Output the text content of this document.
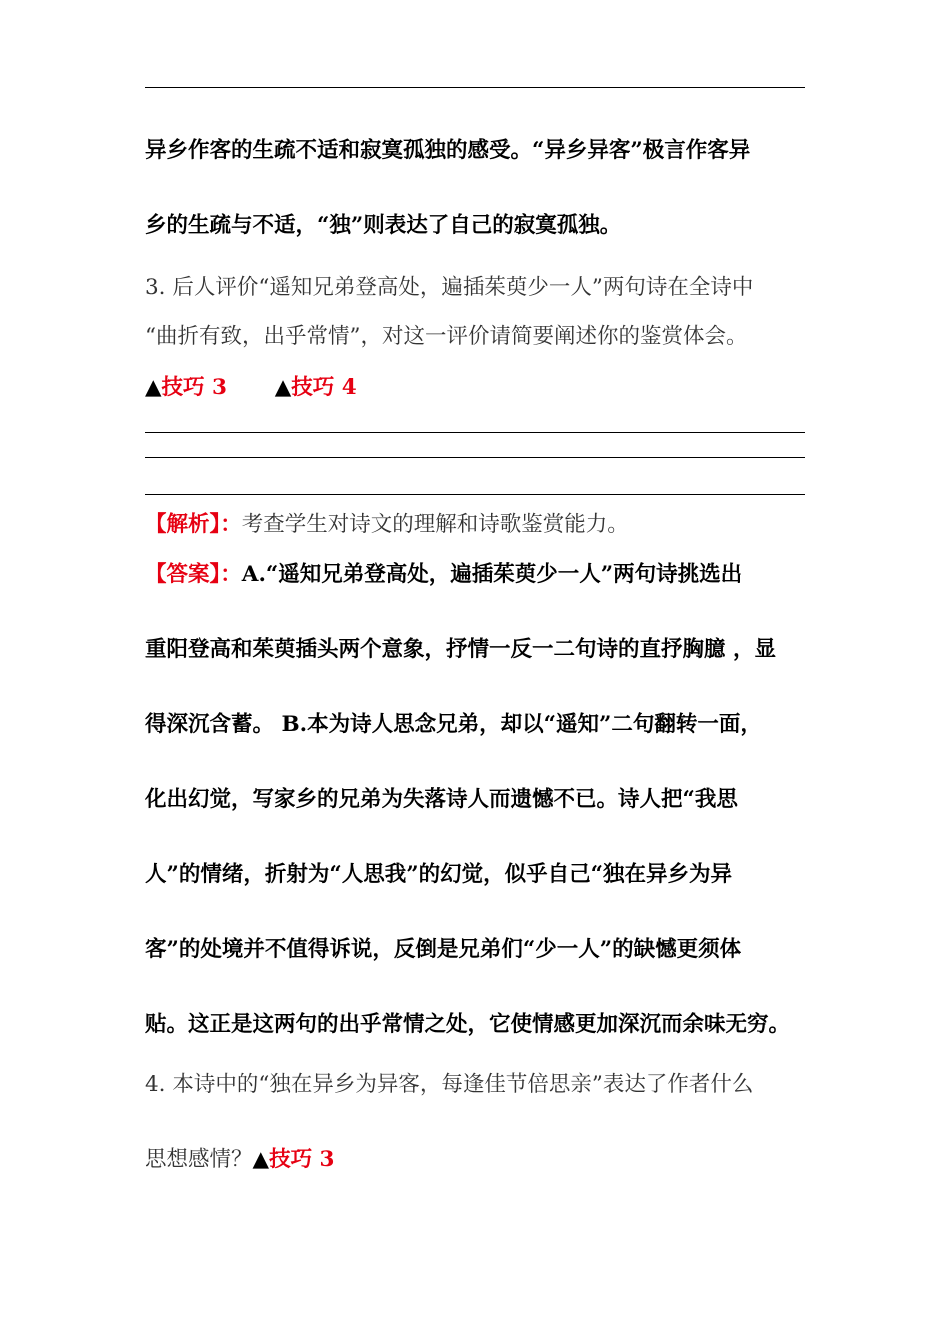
异乡作客的生疏不适和寂寞孤独的感受。“异乡异客”极言作客异
乡的生疏与不适，“独”则表达了自己的寂寞孤独。
3. 后人评价“遥知兄弟登高处，遍插茱萸少一人”两句诗在全诗中
“曲折有致，出乎常情”，对这一评价请简要阐述你的鉴赏体会。
▲技巧 3 ▲技巧 4
【解析】：考查学生对诗文的理解和诗歌鉴赏能力。
【答案】：A.“遥知兄弟登高处，遍插茱萸少一人”两句诗挑选出
重阳登高和茱萸插头两个意象，抒情一反一二句诗的直抒胸臆 ，显
得深沉含蓄。 B.本为诗人思念兄弟，却以“遥知”二句翻转一面，
化出幻觉，写家乡的兄弟为失落诗人而遗憾不已。诗人把“我思
人”的情绪，折射为“人思我”的幻觉，似乎自己“独在异乡为异
客”的处境并不值得诉说，反倒是兄弟们“少一人”的缺憾更须体
贴。这正是这两句的出乎常情之处，它使情感更加深沉而余味无穷。
4. 本诗中的“独在异乡为异客，每逢佳节倍思亲”表达了作者什么
思想感情？▲技巧 3
